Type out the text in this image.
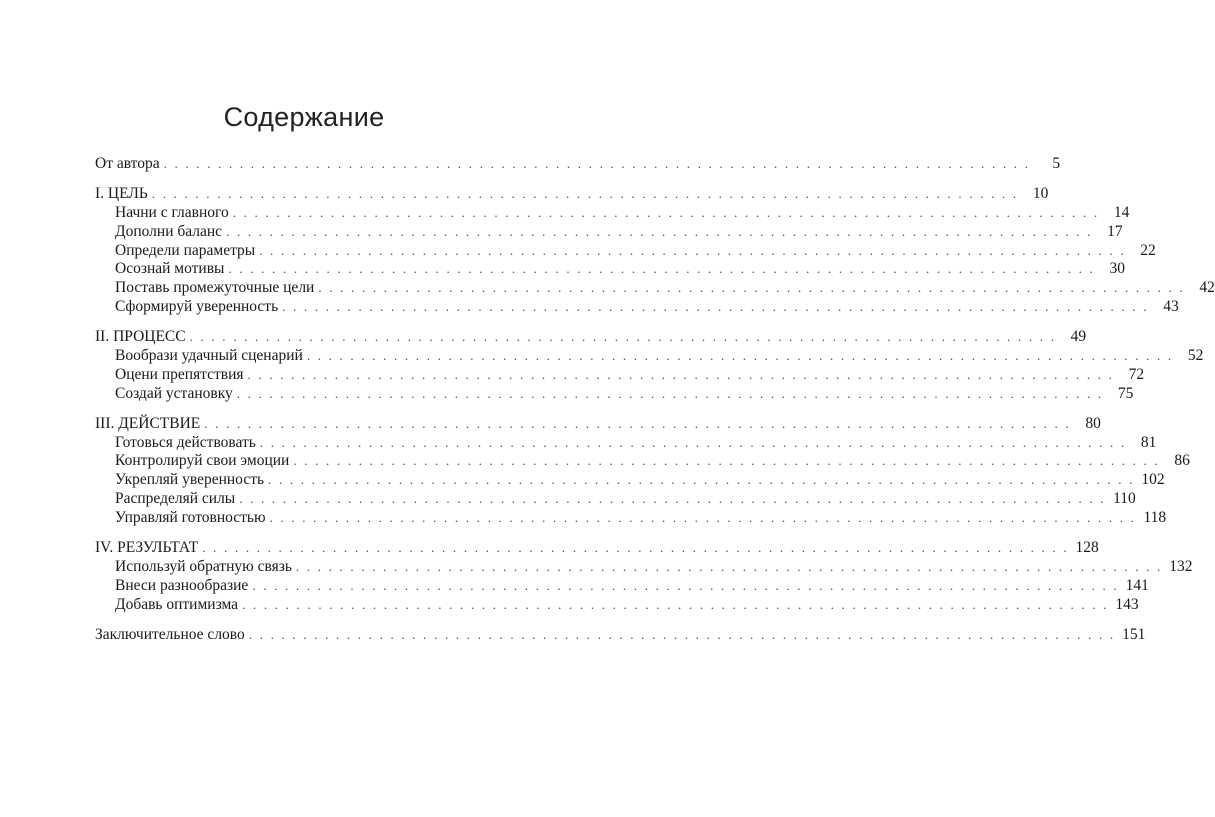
Содержание
От автора . . . . . . . . . . . . . . . . . . . . . . . . . . . . . . . . . . . . . . . . . . . . . . . . . . . . . . . . . . . . . . . . . . . . . . . . . . . . . . . .	5
I. ЦЕЛЬ . . . . . . . . . . . . . . . . . . . . . . . . . . . . . . . . . . . . . . . . . . . . . . . . . . . . . . . . . . . . . . . . . . . . . . . . . . . . . . . . 10
Начни с главного . . . . . . . . . . . . . . . . . . . . . . . . . . . . . . . . . . . . . . . . . . . . . . . . . . . . . . . . . . . . . . . . . . . . . . . . . . . . . . . . 14
Дополни баланс . . . . . . . . . . . . . . . . . . . . . . . . . . . . . . . . . . . . . . . . . . . . . . . . . . . . . . . . . . . . . . . . . . . . . . . . . . . . . . . . 17
Определи параметры . . . . . . . . . . . . . . . . . . . . . . . . . . . . . . . . . . . . . . . . . . . . . . . . . . . . . . . . . . . . . . . . . . . . . . . . . . . . . . . . 22
Осознай мотивы . . . . . . . . . . . . . . . . . . . . . . . . . . . . . . . . . . . . . . . . . . . . . . . . . . . . . . . . . . . . . . . . . . . . . . . . . . . . . . . . 30
Поставь промежуточные цели . . . . . . . . . . . . . . . . . . . . . . . . . . . . . . . . . . . . . . . . . . . . . . . . . . . . . . . . . . . . . . . . . . . . . . . . . . . . . . . . 42
Сформируй уверенность . . . . . . . . . . . . . . . . . . . . . . . . . . . . . . . . . . . . . . . . . . . . . . . . . . . . . . . . . . . . . . . . . . . . . . . . . . . . . . . . 43
II. ПРОЦЕСС . . . . . . . . . . . . . . . . . . . . . . . . . . . . . . . . . . . . . . . . . . . . . . . . . . . . . . . . . . . . . . . . . . . . . . . . . . . . . . . . 49
Вообрази удачный сценарий . . . . . . . . . . . . . . . . . . . . . . . . . . . . . . . . . . . . . . . . . . . . . . . . . . . . . . . . . . . . . . . . . . . . . . . . . . . . . . . . 52
Оцени препятствия . . . . . . . . . . . . . . . . . . . . . . . . . . . . . . . . . . . . . . . . . . . . . . . . . . . . . . . . . . . . . . . . . . . . . . . . . . . . . . . . 72
Создай установку . . . . . . . . . . . . . . . . . . . . . . . . . . . . . . . . . . . . . . . . . . . . . . . . . . . . . . . . . . . . . . . . . . . . . . . . . . . . . . . . 75
III. ДЕЙСТВИЕ . . . . . . . . . . . . . . . . . . . . . . . . . . . . . . . . . . . . . . . . . . . . . . . . . . . . . . . . . . . . . . . . . . . . . . . . . . . . . . . . 80
Готовься действовать . . . . . . . . . . . . . . . . . . . . . . . . . . . . . . . . . . . . . . . . . . . . . . . . . . . . . . . . . . . . . . . . . . . . . . . . . . . . . . . . 81
Контролируй свои эмоции . . . . . . . . . . . . . . . . . . . . . . . . . . . . . . . . . . . . . . . . . . . . . . . . . . . . . . . . . . . . . . . . . . . . . . . . . . . . . . . . 86
Укрепляй уверенность . . . . . . . . . . . . . . . . . . . . . . . . . . . . . . . . . . . . . . . . . . . . . . . . . . . . . . . . . . . . . . . . . . . . . . . . . . . . . . . . 102
Распределяй силы . . . . . . . . . . . . . . . . . . . . . . . . . . . . . . . . . . . . . . . . . . . . . . . . . . . . . . . . . . . . . . . . . . . . . . . . . . . . . . . . 110
Управляй готовностью . . . . . . . . . . . . . . . . . . . . . . . . . . . . . . . . . . . . . . . . . . . . . . . . . . . . . . . . . . . . . . . . . . . . . . . . . . . . . . . . 118
IV. РЕЗУЛЬТАТ . . . . . . . . . . . . . . . . . . . . . . . . . . . . . . . . . . . . . . . . . . . . . . . . . . . . . . . . . . . . . . . . . . . . . . . . . . . . . . . . 128
Используй обратную связь . . . . . . . . . . . . . . . . . . . . . . . . . . . . . . . . . . . . . . . . . . . . . . . . . . . . . . . . . . . . . . . . . . . . . . . . . . . . . . . . 132
Внеси разнообразие . . . . . . . . . . . . . . . . . . . . . . . . . . . . . . . . . . . . . . . . . . . . . . . . . . . . . . . . . . . . . . . . . . . . . . . . . . . . . . . . 141
Добавь оптимизма . . . . . . . . . . . . . . . . . . . . . . . . . . . . . . . . . . . . . . . . . . . . . . . . . . . . . . . . . . . . . . . . . . . . . . . . . . . . . . . . 143
Заключительное слово . . . . . . . . . . . . . . . . . . . . . . . . . . . . . . . . . . . . . . . . . . . . . . . . . . . . . . . . . . . . . . . . . . . . . . . . . . . . . . . . 151
